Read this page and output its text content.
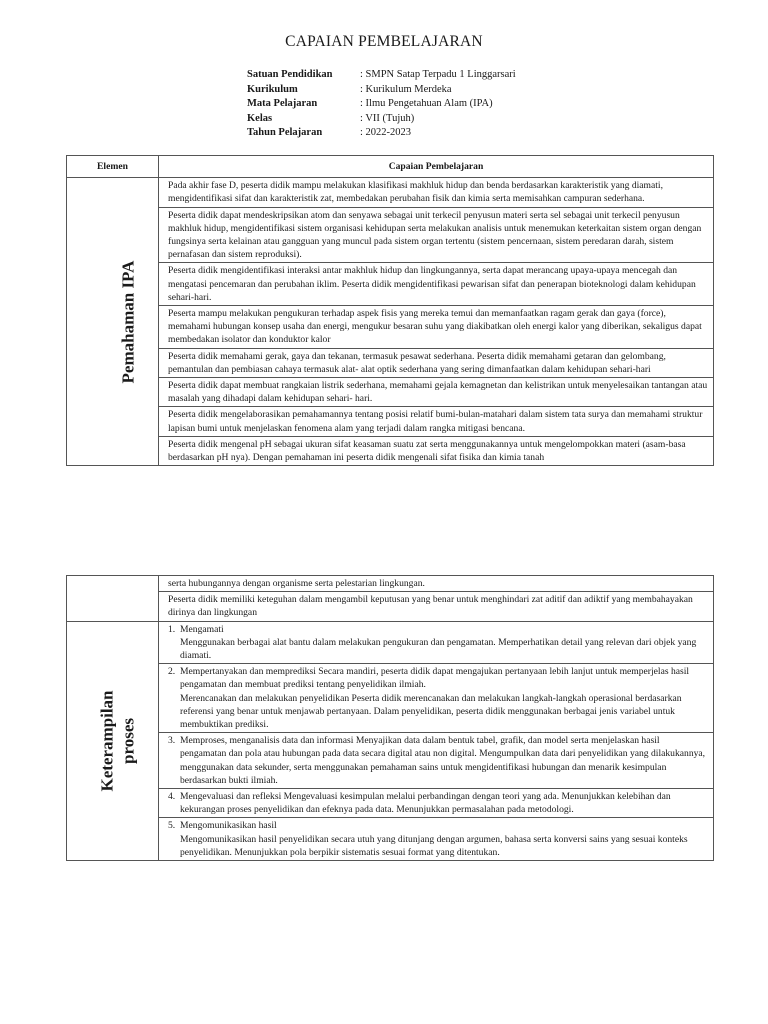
CAPAIAN PEMBELAJARAN
Satuan Pendidikan	: SMPN Satap Terpadu 1 Linggarsari
Kurikulum	: Kurikulum Merdeka
Mata Pelajaran	: Ilmu Pengetahuan Alam (IPA)
Kelas	: VII (Tujuh)
Tahun Pelajaran	: 2022-2023
Elemen	Capaian Pembelajaran
Pemahaman IPA	Pada akhir fase D, peserta didik mampu melakukan klasifikasi makhluk hidup dan benda berdasarkan karakteristik yang diamati, mengidentifikasi sifat dan karakteristik zat, membedakan perubahan fisik dan kimia serta memisahkan campuran sederhana.
	Peserta didik dapat mendeskripsikan atom dan senyawa sebagai unit terkecil penyusun materi serta sel sebagai unit terkecil penyusun makhluk hidup, mengidentifikasi sistem organisasi kehidupan serta melakukan analisis untuk menemukan keterkaitan sistem organ dengan fungsinya serta kelainan atau gangguan yang muncul pada sistem organ tertentu (sistem pencernaan, sistem peredaran darah, sistem pernafasan dan sistem reproduksi).
	Peserta didik mengidentifikasi interaksi antar makhluk hidup dan lingkungannya, serta dapat merancang upaya-upaya mencegah dan mengatasi pencemaran dan perubahan iklim. Peserta didik mengidentifikasi pewarisan sifat dan penerapan bioteknologi dalam kehidupan sehari-hari.
	Peserta mampu melakukan pengukuran terhadap aspek fisis yang mereka temui dan memanfaatkan ragam gerak dan gaya (force), memahami hubungan konsep usaha dan energi, mengukur besaran suhu yang diakibatkan oleh energi kalor yang diberikan, sekaligus dapat membedakan isolator dan konduktor kalor
	Peserta didik memahami gerak, gaya dan tekanan, termasuk pesawat sederhana. Peserta didik memahami getaran dan gelombang, pemantulan dan pembiasan cahaya termasuk alat- alat optik sederhana yang sering dimanfaatkan dalam kehidupan sehari-hari
	Peserta didik dapat membuat rangkaian listrik sederhana, memahami gejala kemagnetan dan kelistrikan untuk menyelesaikan tantangan atau masalah yang dihadapi dalam kehidupan sehari- hari.
	Peserta didik mengelaborasikan pemahamannya tentang posisi relatif bumi-bulan-matahari dalam sistem tata surya dan memahami struktur lapisan bumi untuk menjelaskan fenomena alam yang terjadi dalam rangka mitigasi bencana.
	Peserta didik mengenal pH sebagai ukuran sifat keasaman suatu zat serta menggunakannya untuk mengelompokkan materi (asam-basa berdasarkan pH nya). Dengan pemahaman ini peserta didik mengenali sifat fisika dan kimia tanah
	serta hubungannya dengan organisme serta pelestarian lingkungan.
	Peserta didik memiliki keteguhan dalam mengambil keputusan yang benar untuk menghindari zat aditif dan adiktif yang membahayakan dirinya dan lingkungan
Keterampilan proses	1. Mengamati
Menggunakan berbagai alat bantu dalam melakukan pengukuran dan pengamatan. Memperhatikan detail yang relevan dari objek yang diamati.

	2. Mempertanyakan dan memprediksi Secara mandiri, peserta didik dapat mengajukan pertanyaan lebih lanjut untuk memperjelas hasil pengamatan dan membuat prediksi tentang penyelidikan ilmiah.
Merencanakan dan melakukan penyelidikan Peserta didik merencanakan dan melakukan langkah-langkah operasional berdasarkan referensi yang benar untuk menjawab pertanyaan. Dalam penyelidikan, peserta didik menggunakan berbagai jenis variabel untuk membuktikan prediksi.

	3. Memproses, menganalisis data dan informasi Menyajikan data dalam bentuk tabel, grafik, dan model serta menjelaskan hasil pengamatan dan pola atau hubungan pada data secara digital atau non digital. Mengumpulkan data dari penyelidikan yang dilakukannya, menggunakan data sekunder, serta menggunakan pemahaman sains untuk mengidentifikasi hubungan dan menarik kesimpulan berdasarkan bukti ilmiah.

	4. Mengevaluasi dan refleksi Mengevaluasi kesimpulan melalui perbandingan dengan teori yang ada. Menunjukkan kelebihan dan kekurangan proses penyelidikan dan efeknya pada data. Menunjukkan permasalahan pada metodologi.

	5. Mengomunikasikan hasil
Mengomunikasikan hasil penyelidikan secara utuh yang ditunjang dengan argumen, bahasa serta konversi sains yang sesuai konteks penyelidikan. Menunjukkan pola berpikir sistematis sesuai format yang ditentukan.
